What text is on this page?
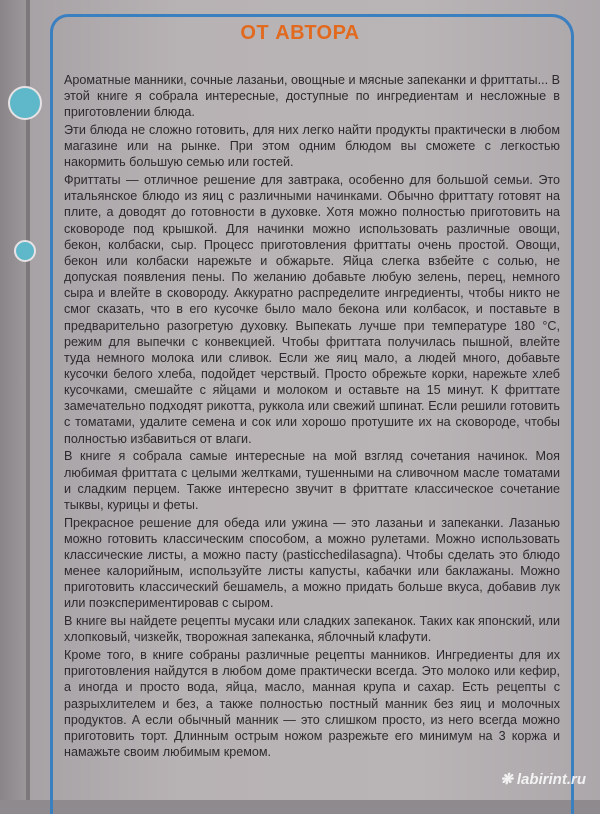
ОТ АВТОРА

Ароматные манники, сочные лазаньи, овощные и мясные запеканки и фриттаты... В этой книге я собрала интересные, доступные по ингредиентам и несложные в приготовлении блюда.

Эти блюда не сложно готовить, для них легко найти продукты практически в любом магазине или на рынке. При этом одним блюдом вы сможете с легкостью накормить большую семью или гостей.

Фриттаты — отличное решение для завтрака, особенно для большой семьи. Это итальянское блюдо из яиц с различными начинками. Обычно фриттату готовят на плите, а доводят до готовности в духовке. Хотя можно полностью приготовить на сковороде под крышкой. Для начинки можно использовать различные овощи, бекон, колбаски, сыр. Процесс приготовления фриттаты очень простой. Овощи, бекон или колбаски нарежьте и обжарьте. Яйца слегка взбейте с солью, не допуская появления пены. По желанию добавьте любую зелень, перец, немного сыра и влейте в сковороду. Аккуратно распределите ингредиенты, чтобы никто не смог сказать, что в его кусочке было мало бекона или колбасок, и поставьте в предварительно разогретую духовку. Выпекать лучше при температуре 180 °С, режим для выпечки с конвекцией. Чтобы фриттата получилась пышной, влейте туда немного молока или сливок. Если же яиц мало, а людей много, добавьте кусочки белого хлеба, подойдет черствый. Просто обрежьте корки, нарежьте хлеб кусочками, смешайте с яйцами и молоком и оставьте на 15 минут. К фриттате замечательно подходят рикотта, руккола или свежий шпинат. Если решили готовить с томатами, удалите семена и сок или хорошо протушите их на сковороде, чтобы полностью избавиться от влаги.

В книге я собрала самые интересные на мой взгляд сочетания начинок. Моя любимая фриттата с целыми желтками, тушенными на сливочном масле томатами и сладким перцем. Также интересно звучит в фриттате классическое сочетание тыквы, курицы и феты.

Прекрасное решение для обеда или ужина — это лазаньи и запеканки. Лазанью можно готовить классическим способом, а можно рулетами. Можно использовать классические листы, а можно пасту (pasticchedilasagna). Чтобы сделать это блюдо менее калорийным, используйте листы капусты, кабачки или баклажаны. Можно приготовить классический бешамель, а можно придать больше вкуса, добавив лук или поэкспериментировав с сыром.

В книге вы найдете рецепты мусаки или сладких запеканок. Таких как японский, или хлопковый, чизкейк, творожная запеканка, яблочный клафути.

Кроме того, в книге собраны различные рецепты манников. Ингредиенты для их приготовления найдутся в любом доме практически всегда. Это молоко или кефир, а иногда и просто вода, яйца, масло, манная крупа и сахар. Есть рецепты с разрыхлителем и без, а также полностью постный манник без яиц и молочных продуктов. А если обычный манник — это слишком просто, из него всегда можно приготовить торт. Длинным острым ножом разрежьте его минимум на 3 коржа и намажьте своим любимым кремом.

❋ labirint.ru
